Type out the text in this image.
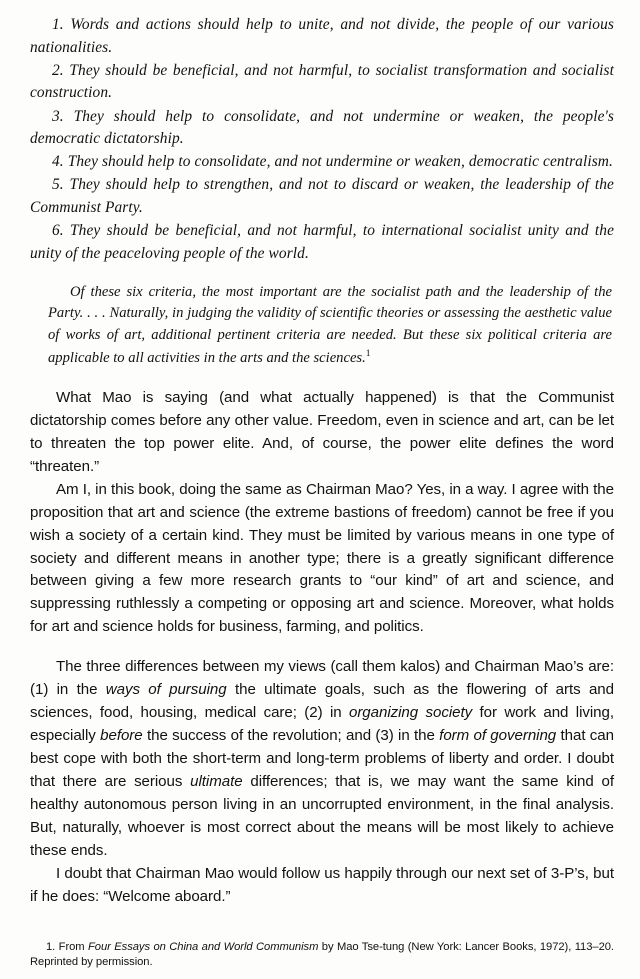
1. Words and actions should help to unite, and not divide, the people of our various nationalities.

2. They should be beneficial, and not harmful, to socialist transformation and socialist construction.

3. They should help to consolidate, and not undermine or weaken, the people's democratic dictatorship.

4. They should help to consolidate, and not undermine or weaken, democratic centralism.

5. They should help to strengthen, and not to discard or weaken, the leadership of the Communist Party.

6. They should be beneficial, and not harmful, to international socialist unity and the unity of the peaceloving people of the world.

Of these six criteria, the most important are the socialist path and the leadership of the Party. . . . Naturally, in judging the validity of scientific theories or assessing the aesthetic value of works of art, additional pertinent criteria are needed. But these six political criteria are applicable to all activities in the arts and the sciences.$^1$

What Mao is saying (and what actually happened) is that the Communist dictatorship comes before any other value. Freedom, even in science and art, can be let to threaten the top power elite. And, of course, the power elite defines the word “threaten.”

Am I, in this book, doing the same as Chairman Mao? Yes, in a way. I agree with the proposition that art and science (the extreme bastions of freedom) cannot be free if you wish a society of a certain kind. They must be limited by various means in one type of society and different means in another type; there is a greatly significant difference between giving a few more research grants to “our kind” of art and science, and suppressing ruthlessly a competing or opposing art and science. Moreover, what holds for art and science holds for business, farming, and politics.

The three differences between my views (call them kalos) and Chairman Mao’s are: (1) in the ways of pursuing the ultimate goals, such as the flowering of arts and sciences, food, housing, medical care; (2) in organizing society for work and living, especially before the success of the revolution; and (3) in the form of governing that can best cope with both the short-term and long-term problems of liberty and order. I doubt that there are serious ultimate differences; that is, we may want the same kind of healthy autonomous person living in an uncorrupted environment, in the final analysis. But, naturally, whoever is most correct about the means will be most likely to achieve these ends.

I doubt that Chairman Mao would follow us happily through our next set of 3-P’s, but if he does: “Welcome aboard.”

1. From Four Essays on China and World Communism by Mao Tse-tung (New York: Lancer Books, 1972), 113–20. Reprinted by permission.
